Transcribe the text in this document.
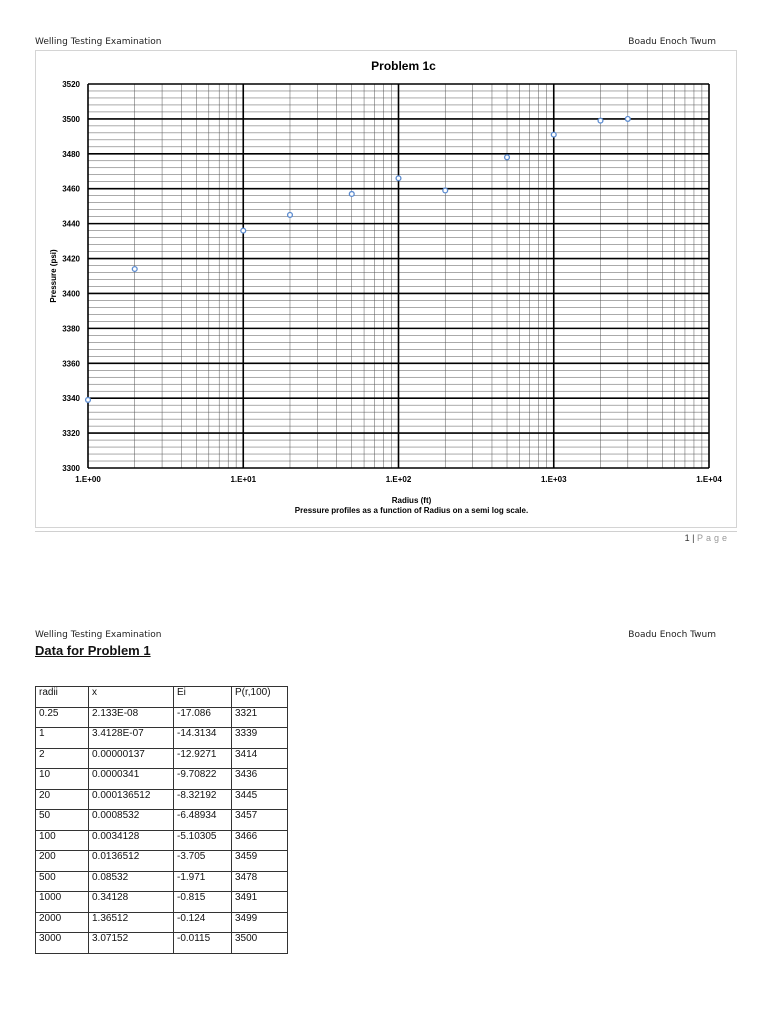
Welling Testing Examination	Boadu Enoch Twum
Problem 1c
3300
3320
3340
3360
3380
3400
3420
3440
3460
3480
3500
3520
1.E+00	1.E+01	1.E+02	1.E+03	1.E+04
Pressure (psi)
Radius (ft)
Pressure profiles as a function of Radius on a semi log scale.
1 | Page
Welling Testing Examination	Boadu Enoch Twum
Data for Problem 1
radii	x	Ei	P(r,100)
0.25	2.133E-08	-17.086	3321
1	3.4128E-07	-14.3134	3339
2	0.00000137	-12.9271	3414
10	0.0000341	-9.70822	3436
20	0.000136512	-8.32192	3445
50	0.0008532	-6.48934	3457
100	0.0034128	-5.10305	3466
200	0.0136512	-3.705	3459
500	0.08532	-1.971	3478
1000	0.34128	-0.815	3491
2000	1.36512	-0.124	3499
3000	3.07152	-0.0115	3500
